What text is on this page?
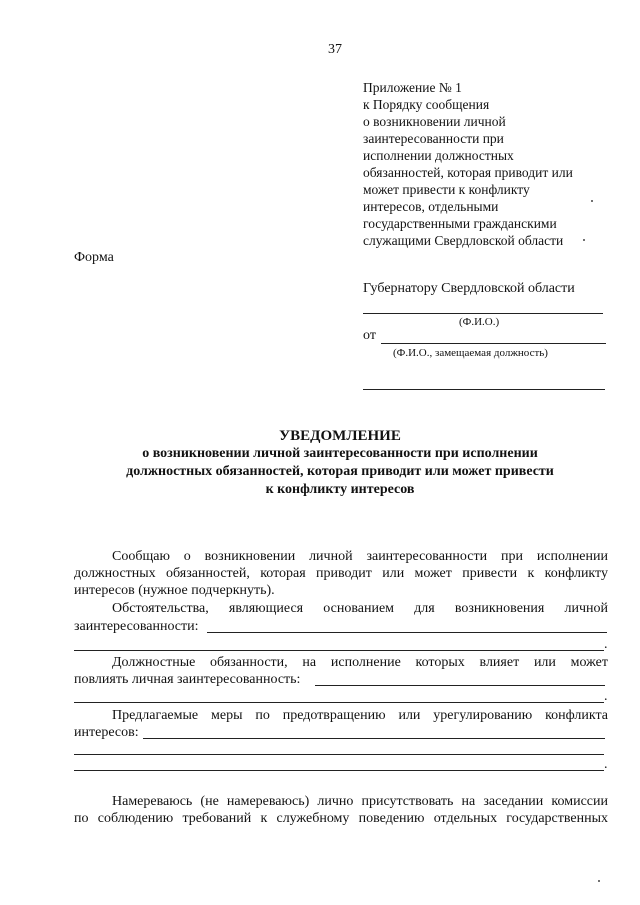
37
Приложение № 1
к Порядку сообщения
о возникновении личной
заинтересованности при
исполнении должностных
обязанностей, которая приводит или
может привести к конфликту
интересов, отдельными
государственными гражданскими
служащими Свердловской области
Форма
Губернатору Свердловской области
(Ф.И.О.)
от
(Ф.И.О., замещаемая должность)
УВЕДОМЛЕНИЕ
о возникновении личной заинтересованности при исполнении
должностных обязанностей, которая приводит или может привести
к конфликту интересов
Сообщаю о возникновении личной заинтересованности при исполнении должностных обязанностей, которая приводит или может привести к конфликту интересов (нужное подчеркнуть).
Обстоятельства, являющиеся основанием для возникновения личной
заинтересованности:
.
Должностные обязанности, на исполнение которых влияет или может
повлиять личная заинтересованность:
.
Предлагаемые меры по предотвращению или урегулированию конфликта
интересов:
.
Намереваюсь (не намереваюсь) лично присутствовать на заседании комиссии
по соблюдению требований к служебному поведению отдельных государственных
